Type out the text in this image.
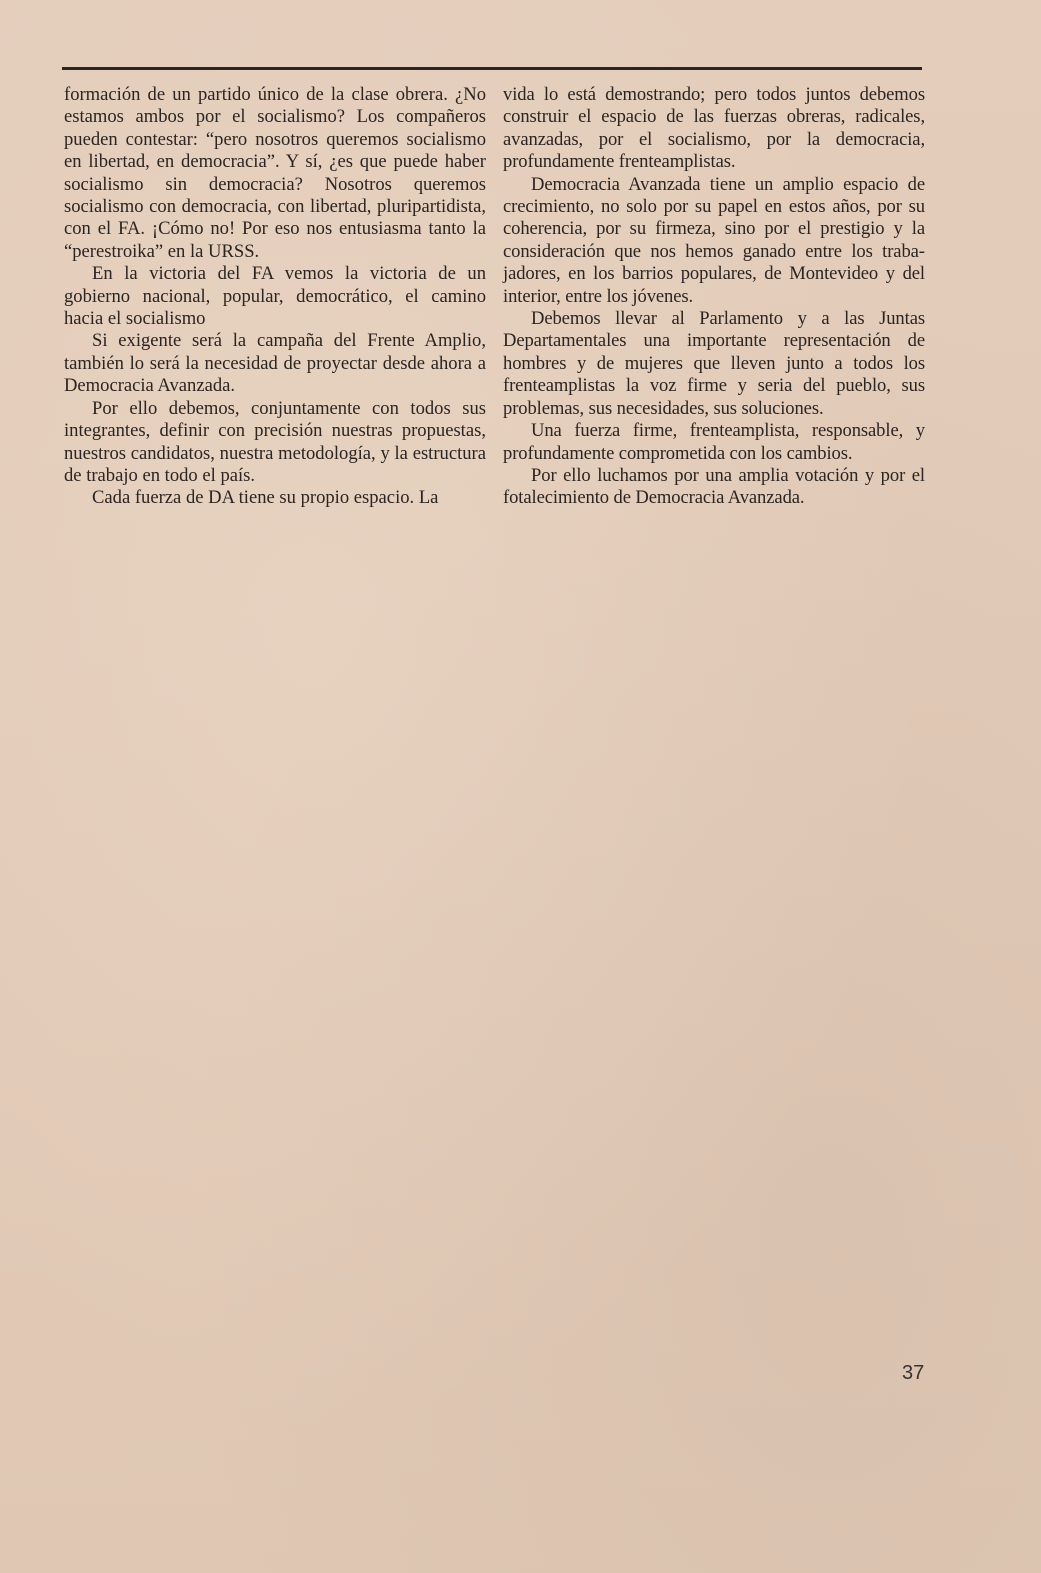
formación de un partido único de la clase obrera. ¿No estamos ambos por el socialismo? Los compañeros pueden contestar: “pero nosotros queremos socialismo en libertad, en democracia”. Y sí, ¿es que puede haber socialismo sin democracia? Nosotros queremos socialismo con democracia, con libertad, pluripartidista, con el FA. ¡Cómo no! Por eso nos entusiasma tanto la “perestroika” en la URSS.

En la victoria del FA vemos la victoria de un gobierno nacional, popular, democrático, el camino hacia el socialismo

Si exigente será la campaña del Frente Amplio, también lo será la necesidad de proyectar desde ahora a Democracia Avanzada.

Por ello debemos, conjuntamente con todos sus integrantes, definir con precisión nuestras propuestas, nuestros candidatos, nuestra metodología, y la estructura de trabajo en todo el país.

Cada fuerza de DA tiene su propio espacio. La

vida lo está demostrando; pero todos juntos debemos construir el espacio de las fuerzas obreras, radicales, avanzadas, por el socialismo, por la democracia, profundamente frenteamplistas.

Democracia Avanzada tiene un amplio espacio de crecimiento, no solo por su papel en estos años, por su coherencia, por su firmeza, sino por el prestigio y la consideración que nos hemos ganado entre los trabajadores, en los barrios populares, de Montevideo y del interior, entre los jóvenes.

Debemos llevar al Parlamento y a las Juntas Departamentales una importante representación de hombres y de mujeres que lleven junto a todos los frenteamplistas la voz firme y seria del pueblo, sus problemas, sus necesidades, sus soluciones.

Una fuerza firme, frenteamplista, responsable, y profundamente comprometida con los cambios.

Por ello luchamos por una amplia votación y por el fotalecimiento de Democracia Avanzada.

37
